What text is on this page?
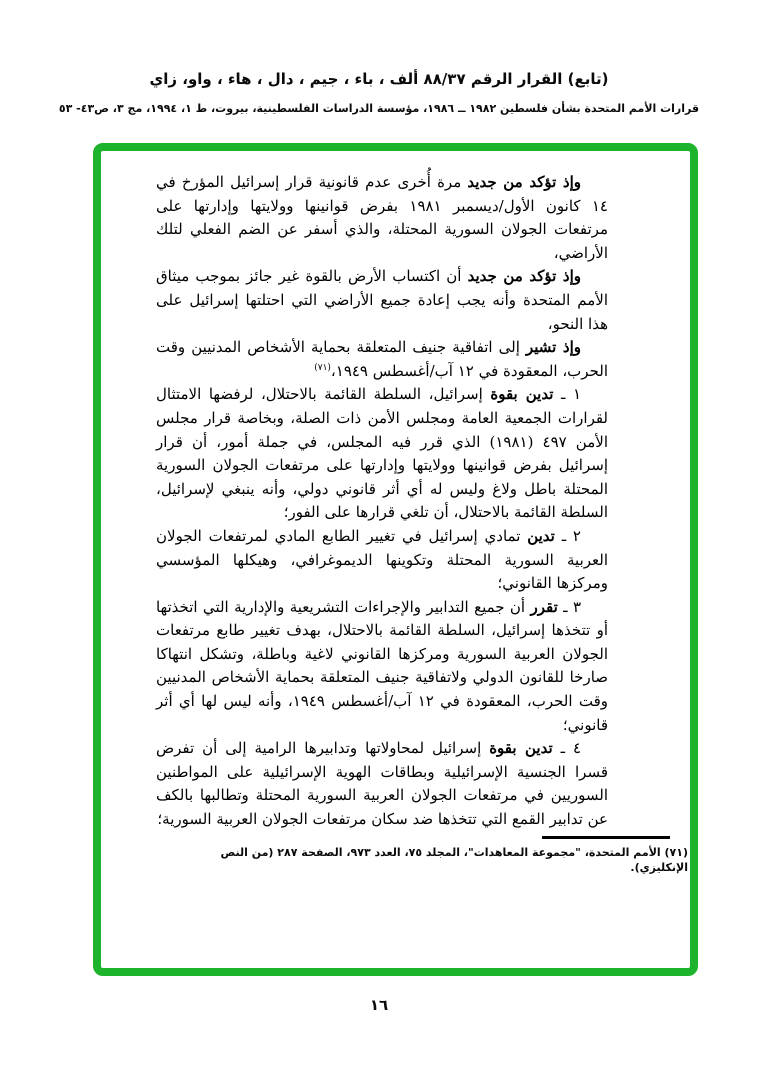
(تابع) القرار الرقم ٨٨/٣٧ ألف ، باء ، جيم ، دال ، هاء ، واو، زاي
قرارات الأمم المتحدة بشأن فلسطين ١٩٨٢ ــ ١٩٨٦، مؤسسة الدراسات الفلسطينية، بيروت، ط ١، ١٩٩٤، مج ٣، ص٤٣- ٥٣

وإذ تؤكد من جديد مرة أُخرى عدم قانونية قرار إسرائيل المؤرخ في ١٤ كانون الأول/ديسمبر ١٩٨١ بفرض قوانينها وولايتها وإدارتها على مرتفعات الجولان السورية المحتلة، والذي أسفر عن الضم الفعلي لتلك الأراضي،

وإذ تؤكد من جديد أن اكتساب الأرض بالقوة غير جائز بموجب ميثاق الأمم المتحدة وأنه يجب إعادة جميع الأراضي التي احتلتها إسرائيل على هذا النحو،

وإذ تشير إلى اتفاقية جنيف المتعلقة بحماية الأشخاص المدنيين وقت الحرب، المعقودة في ١٢ آب/أغسطس ١٩٤٩،$^{(٧١)}$

١ ـ تدين بقوة إسرائيل، السلطة القائمة بالاحتلال، لرفضها الامتثال لقرارات الجمعية العامة ومجلس الأمن ذات الصلة، وبخاصة قرار مجلس الأمن ٤٩٧ (١٩٨١) الذي قرر فيه المجلس، في جملة أمور، أن قرار إسرائيل بفرض قوانينها وولايتها وإدارتها على مرتفعات الجولان السورية المحتلة باطل ولاغ وليس له أي أثر قانوني دولي، وأنه ينبغي لإسرائيل، السلطة القائمة بالاحتلال، أن تلغي قرارها على الفور؛

٢ ـ تدين تمادي إسرائيل في تغيير الطابع المادي لمرتفعات الجولان العربية السورية المحتلة وتكوينها الديموغرافي، وهيكلها المؤسسي ومركزها القانوني؛

٣ ـ تقرر أن جميع التدابير والإجراءات التشريعية والإدارية التي اتخذتها أو تتخذها إسرائيل، السلطة القائمة بالاحتلال، بهدف تغيير طابع مرتفعات الجولان العربية السورية ومركزها القانوني لاغية وباطلة، وتشكل انتهاكا صارخا للقانون الدولي ولاتفاقية جنيف المتعلقة بحماية الأشخاص المدنيين وقت الحرب، المعقودة في ١٢ آب/أغسطس ١٩٤٩، وأنه ليس لها أي أثر قانوني؛

٤ ـ تدين بقوة إسرائيل لمحاولاتها وتدابيرها الرامية إلى أن تفرض قسرا الجنسية الإسرائيلية وبطاقات الهوية الإسرائيلية على المواطنين السوريين في مرتفعات الجولان العربية السورية المحتلة وتطالبها بالكف عن تدابير القمع التي تتخذها ضد سكان مرتفعات الجولان العربية السورية؛

(٧١) الأمم المتحدة، "مجموعة المعاهدات"، المجلد ٧٥، العدد ٩٧٣، الصفحة ٢٨٧ (من النص الإنكليزي).

١٦
